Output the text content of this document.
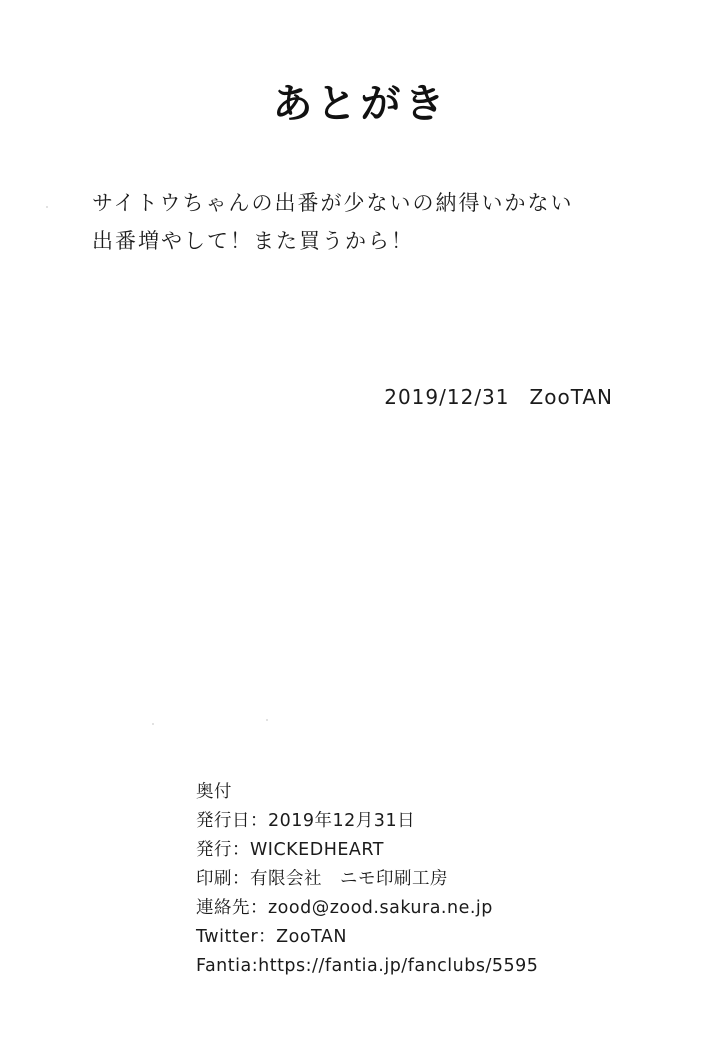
あとがき
サイトウちゃんの出番が少ないの納得いかない
出番増やして！また買うから！
2019/12/31 ZooTAN
奥付
発行日：2019年12月31日
発行：WICKEDHEART
印刷：有限会社　ニモ印刷工房
連絡先：zood@zood.sakura.ne.jp
Twitter：ZooTAN
Fantia:https://fantia.jp/fanclubs/5595
